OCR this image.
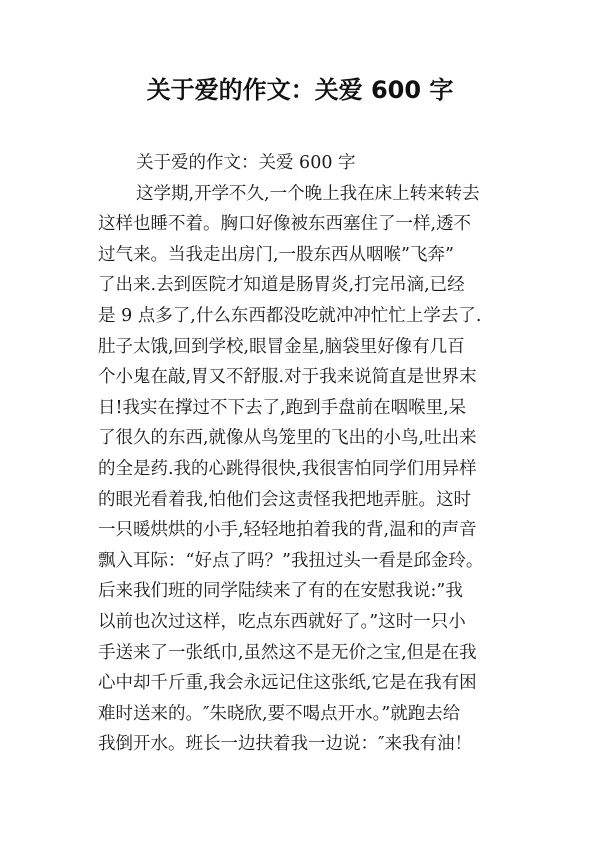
关于爱的作文：关爱 600 字
关于爱的作文：关爱 600 字
这学期,开学不久,一个晚上我在床上转来转去
这样也睡不着。胸口好像被东西塞住了一样,透不
过气来。当我走出房门,一股东西从咽喉”飞奔”
了出来.去到医院才知道是肠胃炎,打完吊滴,已经
是 9 点多了,什么东西都没吃就冲冲忙忙上学去了.
肚子太饿,回到学校,眼冒金星,脑袋里好像有几百
个小鬼在敲,胃又不舒服.对于我来说简直是世界末
日!我实在撑过不下去了,跑到手盘前在咽喉里,呆
了很久的东西,就像从鸟笼里的飞出的小鸟,吐出来
的全是药.我的心跳得很快,我很害怕同学们用异样
的眼光看着我,怕他们会这责怪我把地弄脏。这时
一只暖烘烘的小手,轻轻地拍着我的背,温和的声音
飘入耳际：“好点了吗？”我扭过头一看是邱金玲。
后来我们班的同学陆续来了有的在安慰我说:”我
以前也次过这样，吃点东西就好了。”这时一只小
手送来了一张纸巾,虽然这不是无价之宝,但是在我
心中却千斤重,我会永远记住这张纸,它是在我有困
难时送来的。″朱晓欣,要不喝点开水。”就跑去给
我倒开水。班长一边扶着我一边说：″来我有油！
